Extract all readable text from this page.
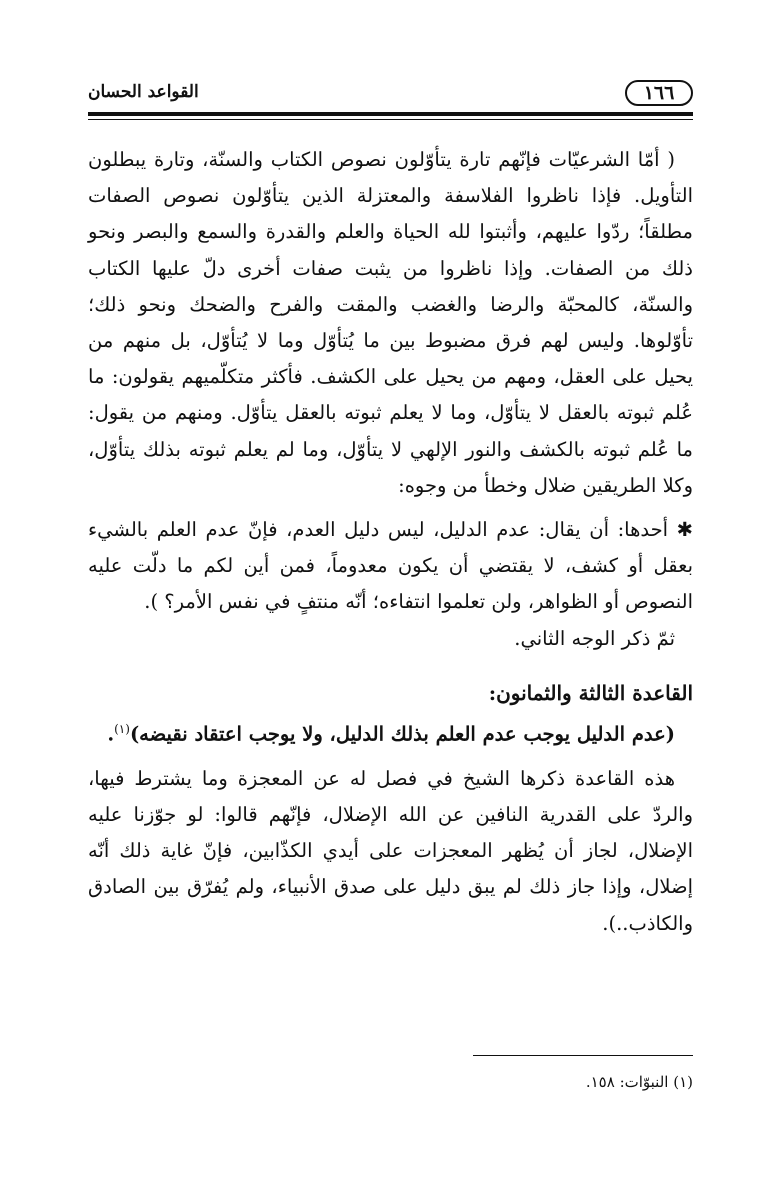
١٦٦
القواعد الحسان

( أمّا الشرعيّات فإنّهم تارة يتأوّلون نصوص الكتاب والسنّة، وتارة يبطلون التأويل. فإذا ناظروا الفلاسفة والمعتزلة الذين يتأوّلون نصوص الصفات مطلقاً؛ ردّوا عليهم، وأثبتوا لله الحياة والعلم والقدرة والسمع والبصر ونحو ذلك من الصفات. وإذا ناظروا من يثبت صفات أخرى دلّ عليها الكتاب والسنّة، كالمحبّة والرضا والغضب والمقت والفرح والضحك ونحو ذلك؛ تأوّلوها. وليس لهم فرق مضبوط بين ما يُتأوّل وما لا يُتأوّل، بل منهم من يحيل على العقل، ومهم من يحيل على الكشف. فأكثر متكلّميهم يقولون: ما عُلم ثبوته بالعقل لا يتأوّل، وما لا يعلم ثبوته بالعقل يتأوّل. ومنهم من يقول: ما عُلم ثبوته بالكشف والنور الإلهي لا يتأوّل، وما لم يعلم ثبوته بذلك يتأوّل، وكلا الطريقين ضلال وخطأ من وجوه:

✱ أحدها: أن يقال: عدم الدليل، ليس دليل العدم، فإنّ عدم العلم بالشيء بعقل أو كشف، لا يقتضي أن يكون معدوماً، فمن أين لكم ما دلّت عليه النصوص أو الظواهر، ولن تعلموا انتفاءه؛ أنّه منتفٍ في نفس الأمر؟ ).

ثمّ ذكر الوجه الثاني.

القاعدة الثالثة والثمانون:

(عدم الدليل يوجب عدم العلم بذلك الدليل، ولا يوجب اعتقاد نقيضه)$^{(١)}$.

هذه القاعدة ذكرها الشيخ في فصل له عن المعجزة وما يشترط فيها، والردّ على القدرية النافين عن الله الإضلال، فإنّهم قالوا: لو جوّزنا عليه الإضلال، لجاز أن يُظهر المعجزات على أيدي الكذّابين، فإنّ غاية ذلك أنّه إضلال، وإذا جاز ذلك لم يبق دليل على صدق الأنبياء، ولم يُفرّق بين الصادق والكاذب..).

(١) النبوّات: ١٥٨.
